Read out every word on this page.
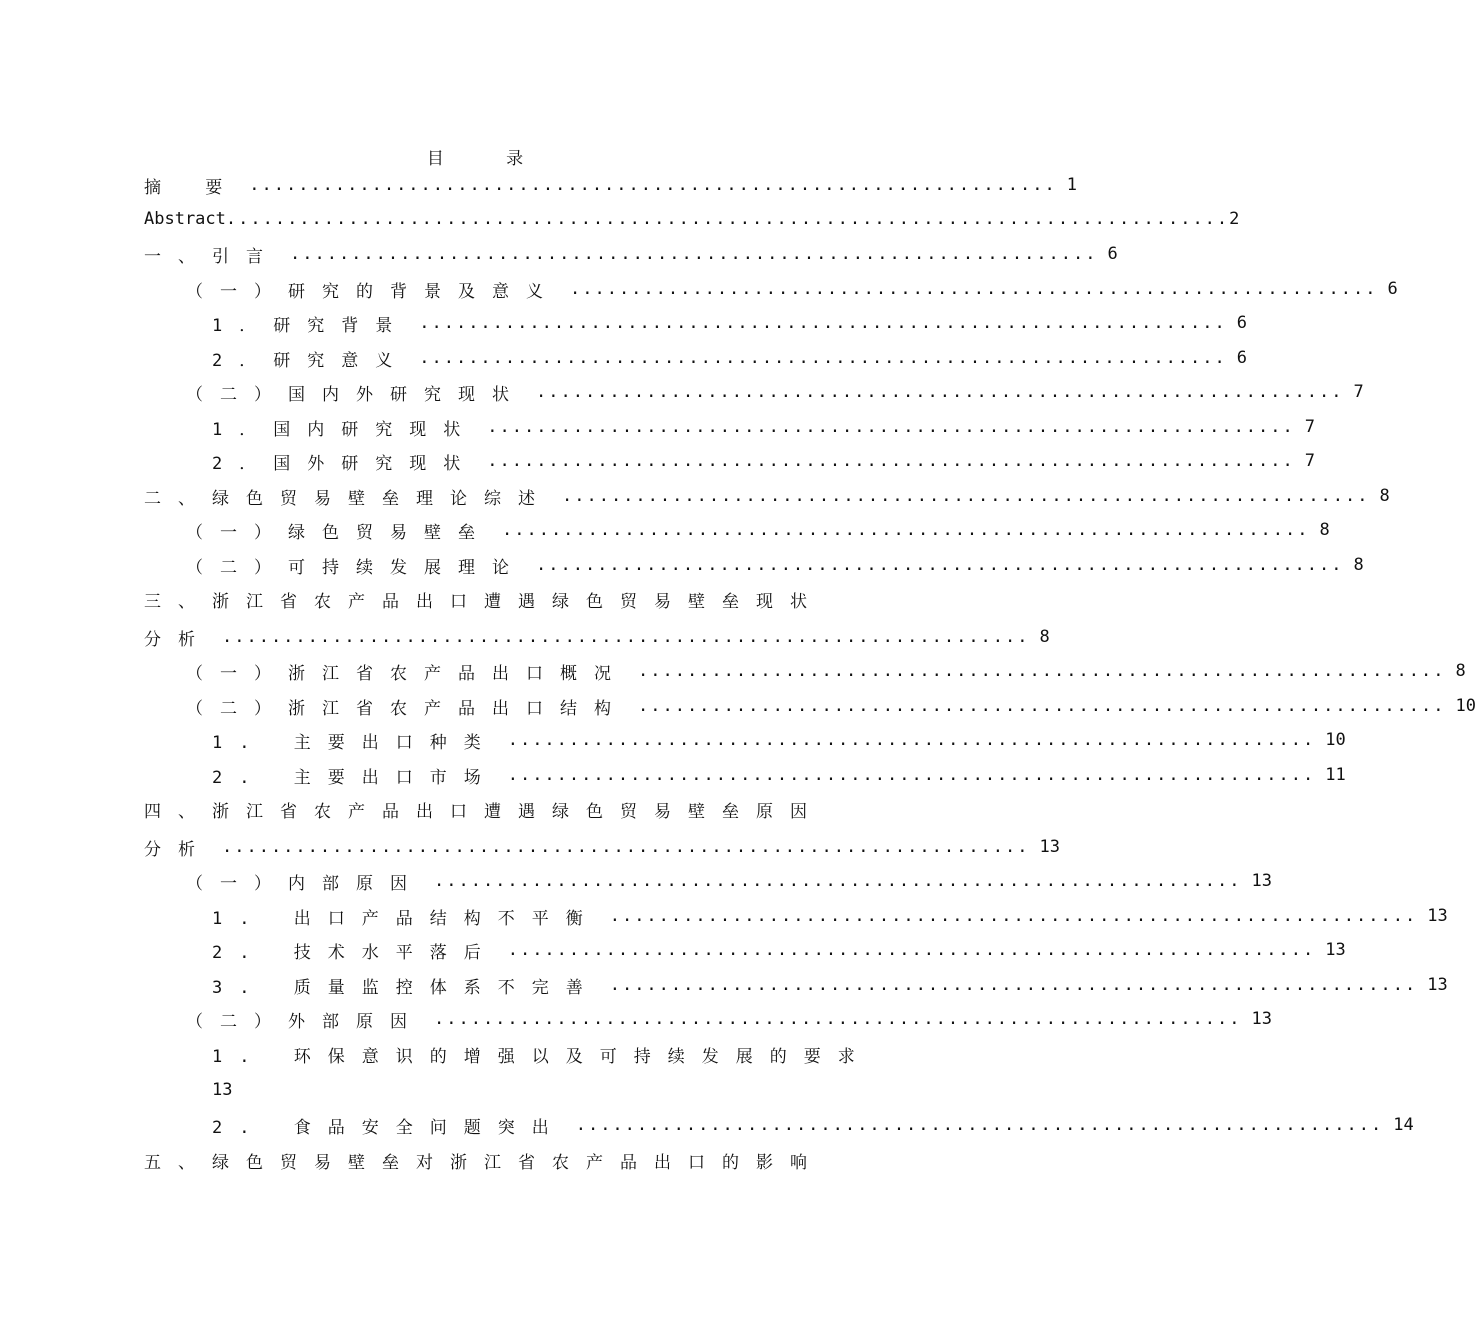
目 录
摘 要 .................................................................. 1
Abstract .................................................................................. 2
一、引言 .................................................................. 6
（一）研究的背景及意义 .................................................................. 6
1．研究背景 .................................................................. 6
2．研究意义 .................................................................. 6
（二）国内外研究现状 .................................................................. 7
1．国内研究现状 .................................................................. 7
2．国外研究现状 .................................................................. 7
二、绿色贸易壁垒理论综述 .................................................................. 8
（一）绿色贸易壁垒 .................................................................. 8
（二）可持续发展理论 .................................................................. 8
三、浙江省农产品出口遭遇绿色贸易壁垒现状
分析 .................................................................. 8
（一）浙江省农产品出口概况 .................................................................. 8
（二）浙江省农产品出口结构 .................................................................. 10
1. 主要出口种类 .................................................................. 10
2. 主要出口市场 .................................................................. 11
四、浙江省农产品出口遭遇绿色贸易壁垒原因
分析 .................................................................. 13
（一）内部原因 .................................................................. 13
1. 出口产品结构不平衡 .................................................................. 13
2. 技术水平落后 .................................................................. 13
3. 质量监控体系不完善 .................................................................. 13
（二）外部原因 .................................................................. 13
1. 环保意识的增强以及可持续发展的要求
13
2. 食品安全问题突出 .................................................................. 14
五、绿色贸易壁垒对浙江省农产品出口的影响
